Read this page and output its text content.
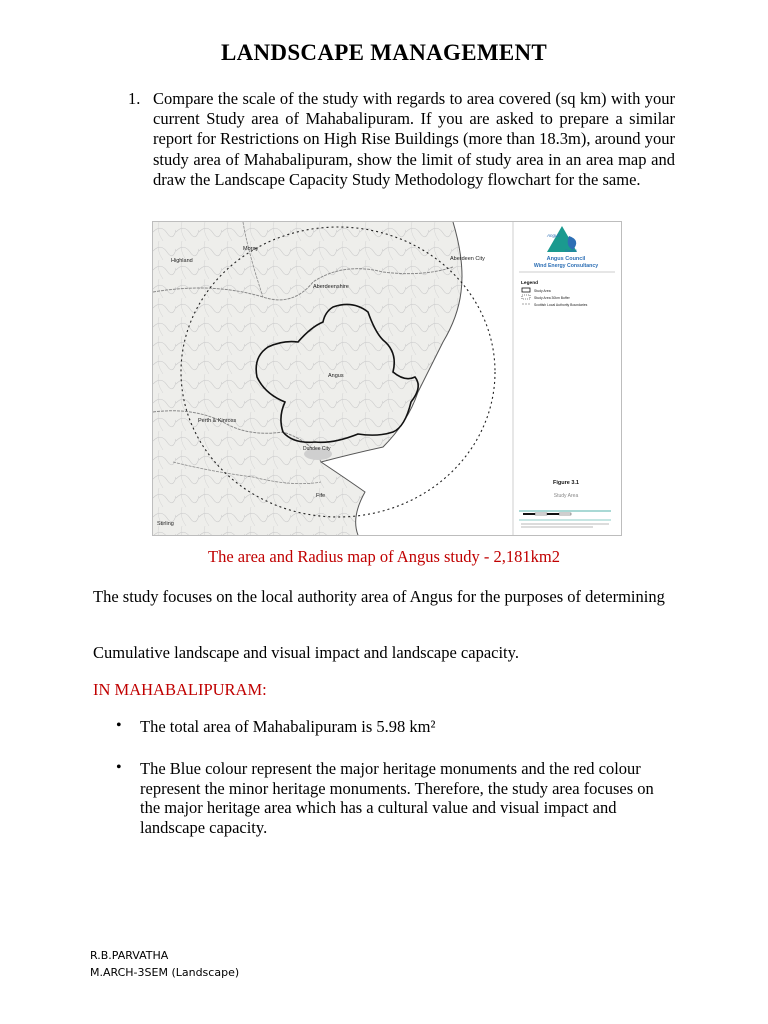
LANDSCAPE MANAGEMENT
1. Compare the scale of the study with regards to area covered (sq km) with your current Study area of Mahabalipuram. If you are asked to prepare a similar report for Restrictions on High Rise Buildings (more than 18.3m), around your study area of Mahabalipuram, show the limit of study area in an area map and draw the Landscape Capacity Study Methodology flowchart for the same.
Highland
Moray
Aberdeen City
Aberdeenshire
Angus
Perth & Kinross
Dundee City
Fife
Stirling
Angus
Council
Angus Council
Wind Energy Consultancy
Legend
Study Area
Study Area 30km Buffer
Scottish Local Authority Boundaries
Figure 3.1
Study Area
The area and Radius map of Angus study - 2,181km2
The study focuses on the local authority area of Angus for the purposes of determining
Cumulative landscape and visual impact and landscape capacity.
IN MAHABALIPURAM:
• The total area of Mahabalipuram is 5.98 km²
• The Blue colour represent the major heritage monuments and the red colour represent the minor heritage monuments. Therefore, the study area focuses on the major heritage area which has a cultural value and visual impact and landscape capacity.
R.B.PARVATHA
M.ARCH-3SEM (Landscape)
